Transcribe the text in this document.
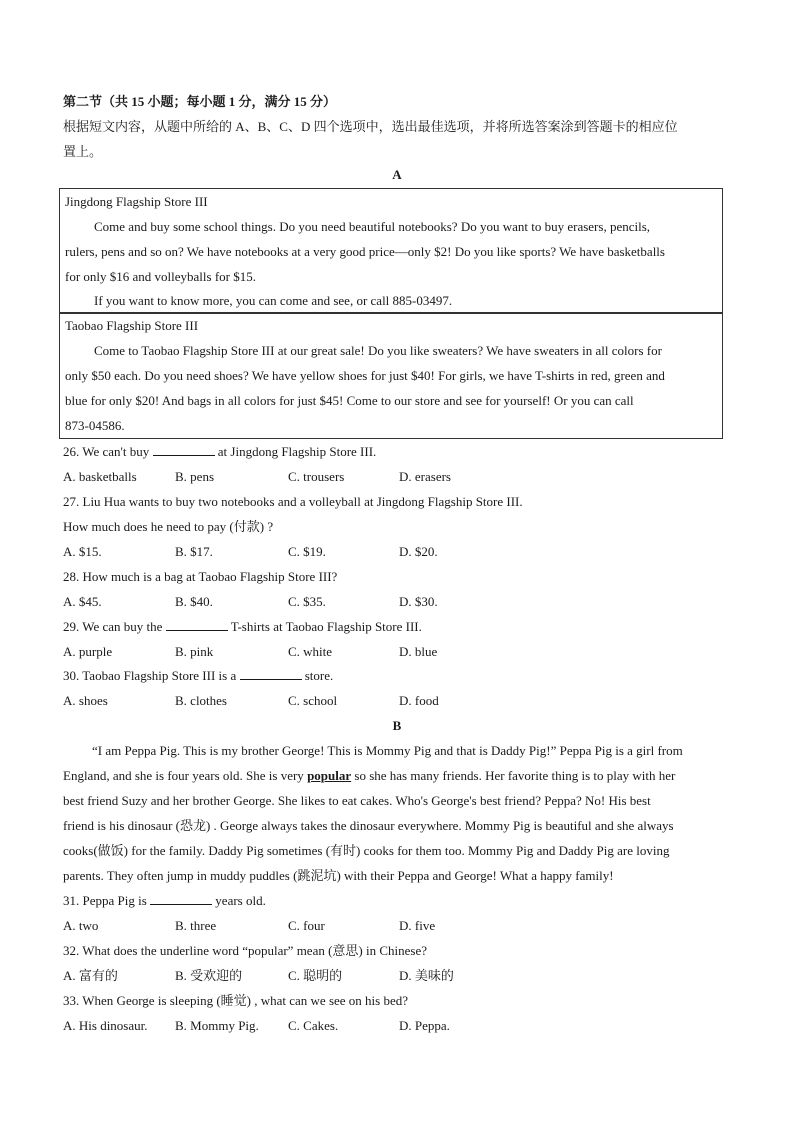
第二节（共 15 小题；每小题 1 分，满分 15 分）
根据短文内容，从题中所给的 A、B、C、D 四个选项中，选出最佳选项，并将所选答案涂到答题卡的相应位
置上。
A
Jingdong Flagship Store III
Come and buy some school things. Do you need beautiful notebooks? Do you want to buy erasers, pencils,
rulers, pens and so on? We have notebooks at a very good price—only $2! Do you like sports? We have basketballs
for only $16 and volleyballs for $15.
If you want to know more, you can come and see, or call 885-03497.
Taobao Flagship Store III
Come to Taobao Flagship Store III at our great sale! Do you like sweaters? We have sweaters in all colors for
only $50 each. Do you need shoes? We have yellow shoes for just $40! For girls, we have T-shirts in red, green and
blue for only $20! And bags in all colors for just $45! Come to our store and see for yourself! Or you can call
873-04586.
26. We can't buy	at Jingdong Flagship Store III.
A. basketballs	B. pens	C. trousers	D. erasers
27. Liu Hua wants to buy two notebooks and a volleyball at Jingdong Flagship Store III.
How much does he need to pay (付款) ?
A. $15.	B. $17.	C. $19.	D. $20.
28. How much is a bag at Taobao Flagship Store III?
A. $45.	B. $40.	C. $35.	D. $30.
29. We can buy the	T-shirts at Taobao Flagship Store III.
A. purple	B. pink	C. white	D. blue
30. Taobao Flagship Store III is a	store.
A. shoes	B. clothes	C. school	D. food
B
“I am Peppa Pig. This is my brother George! This is Mommy Pig and that is Daddy Pig!” Peppa Pig is a girl from
England, and she is four years old. She is very popular so she has many friends. Her favorite thing is to play with her
best friend Suzy and her brother George. She likes to eat cakes. Who's George's best friend? Peppa? No! His best
friend is his dinosaur (恐龙) . George always takes the dinosaur everywhere. Mommy Pig is beautiful and she always
cooks(做饭) for the family. Daddy Pig sometimes (有时) cooks for them too. Mommy Pig and Daddy Pig are loving
parents. They often jump in muddy puddles (跳泥坑) with their Peppa and George! What a happy family!
31. Peppa Pig is	years old.
A. two	B. three	C. four	D. five
32. What does the underline word “popular” mean (意思) in Chinese?
A. 富有的	B. 受欢迎的	C. 聪明的	D. 美味的
33. When George is sleeping (睡觉) , what can we see on his bed?
A. His dinosaur. B. Mommy Pig. C. Cakes.	D. Peppa.
